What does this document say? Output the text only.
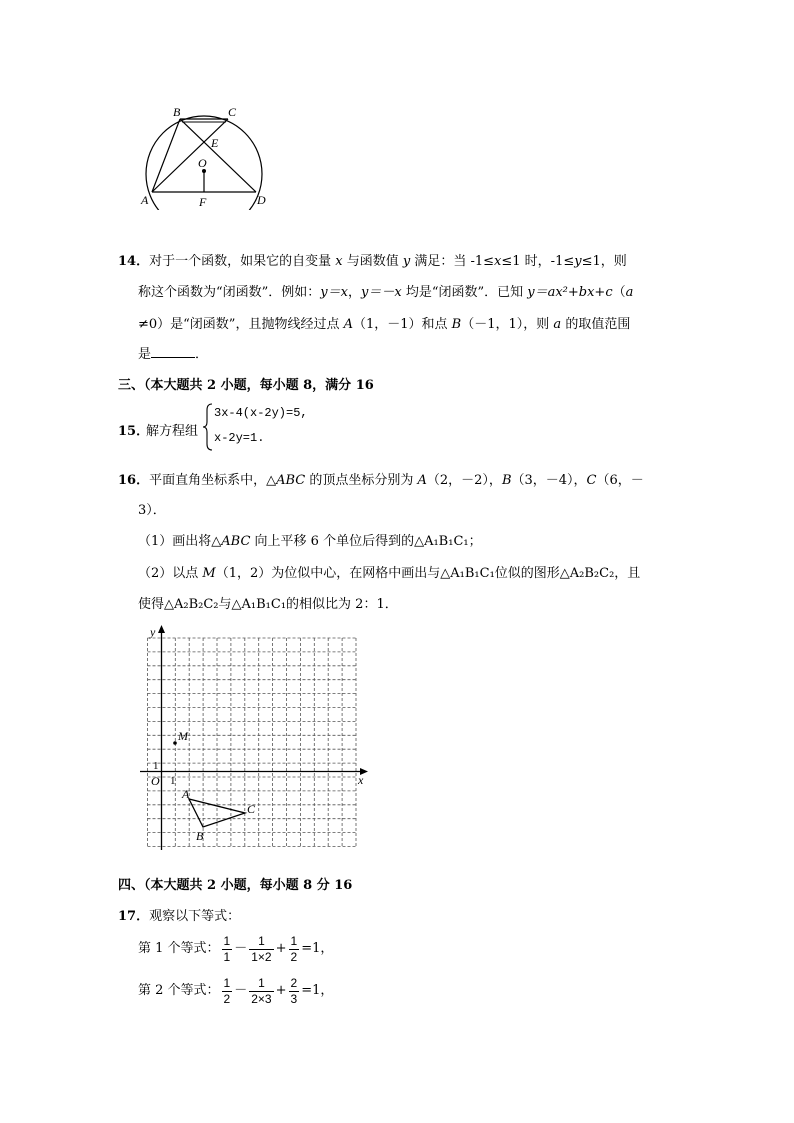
B	C
E
O
A	F	D
14．对于一个函数，如果它的自变量 x 与函数值 y 满足：当 -1≤x≤1 时，-1≤y≤1，则
称这个函数为“闭函数”．例如：y＝x，y＝－x 均是“闭函数”．已知 y＝ax²+bx+c（a
≠0）是“闭函数”，且抛物线经过点 A（1，－1）和点 B（－1，1），则 a 的取值范围
是	．
三、（本大题共 2 小题，每小题 8，满分 16
15．
解方程组
3x-4(x-2y)=5,
x-2y=1.
16．平面直角坐标系中，△ABC 的顶点坐标分别为 A（2，－2），B（3，－4），C（6，－
3）．
（1）画出将△ABC 向上平移 6 个单位后得到的△A₁B₁C₁；
（2）以点 M（1，2）为位似中心，在网格中画出与△A₁B₁C₁位似的图形△A₂B₂C₂，且
使得△A₂B₂C₂与△A₁B₁C₁的相似比为 2：1．
y
x
O 1
1
M
A
B
C
四、（本大题共 2 小题，每小题 8 分 16
17．观察以下等式：
第 1 个等式： $\frac{1}{1} - \frac{1}{1\times 2} + \frac{1}{2} =1$，
第 2 个等式： $\frac{1}{2} - \frac{1}{2\times 3} + \frac{2}{3} =1$，
